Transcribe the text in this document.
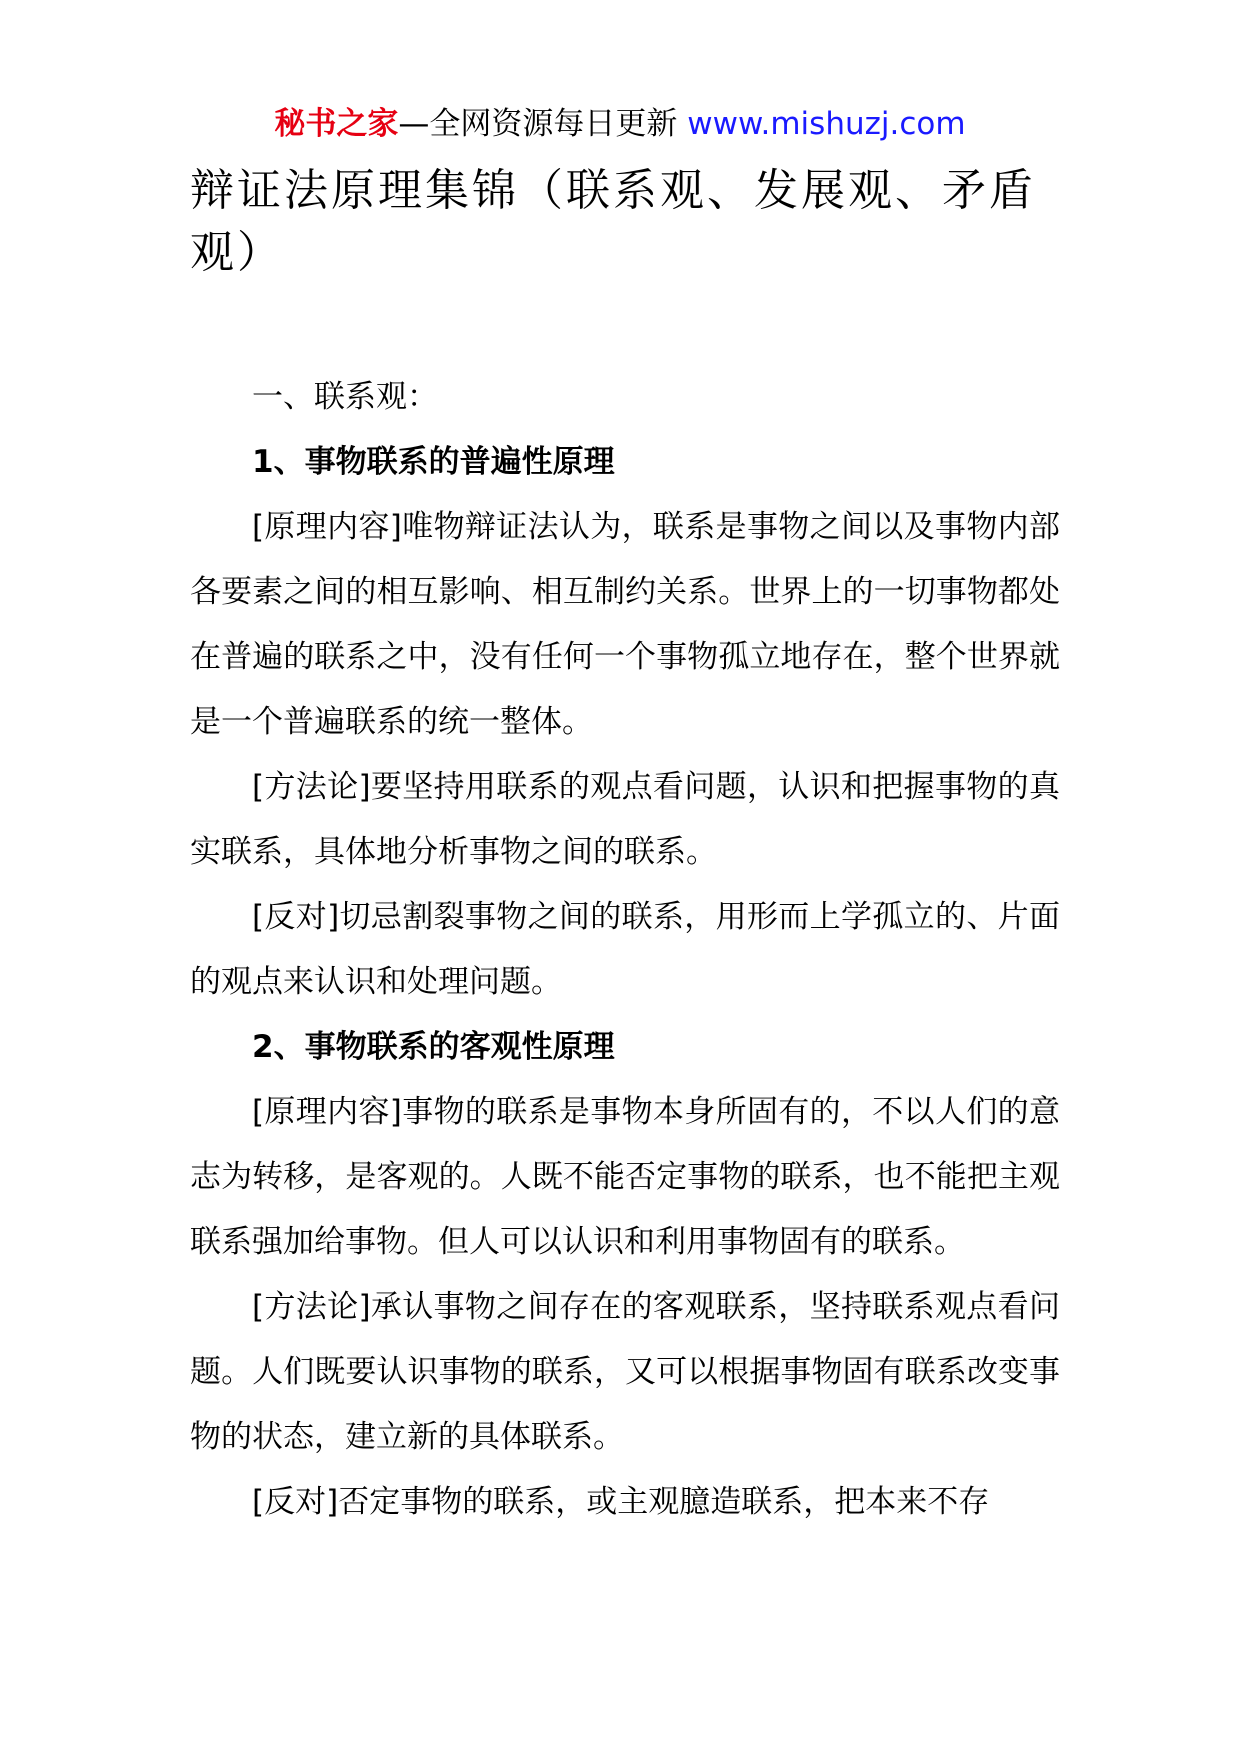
秘书之家—全网资源每日更新 www.mishuzj.com
辩证法原理集锦（联系观、发展观、矛盾观）

一、联系观：

1、事物联系的普遍性原理

[原理内容]唯物辩证法认为，联系是事物之间以及事物内部各要素之间的相互影响、相互制约关系。世界上的一切事物都处在普遍的联系之中，没有任何一个事物孤立地存在，整个世界就是一个普遍联系的统一整体。

[方法论]要坚持用联系的观点看问题，认识和把握事物的真实联系，具体地分析事物之间的联系。

[反对]切忌割裂事物之间的联系，用形而上学孤立的、片面的观点来认识和处理问题。

2、事物联系的客观性原理

[原理内容]事物的联系是事物本身所固有的，不以人们的意志为转移，是客观的。人既不能否定事物的联系，也不能把主观联系强加给事物。但人可以认识和利用事物固有的联系。

[方法论]承认事物之间存在的客观联系，坚持联系观点看问题。人们既要认识事物的联系，又可以根据事物固有联系改变事物的状态，建立新的具体联系。

[反对]否定事物的联系，或主观臆造联系，把本来不存
